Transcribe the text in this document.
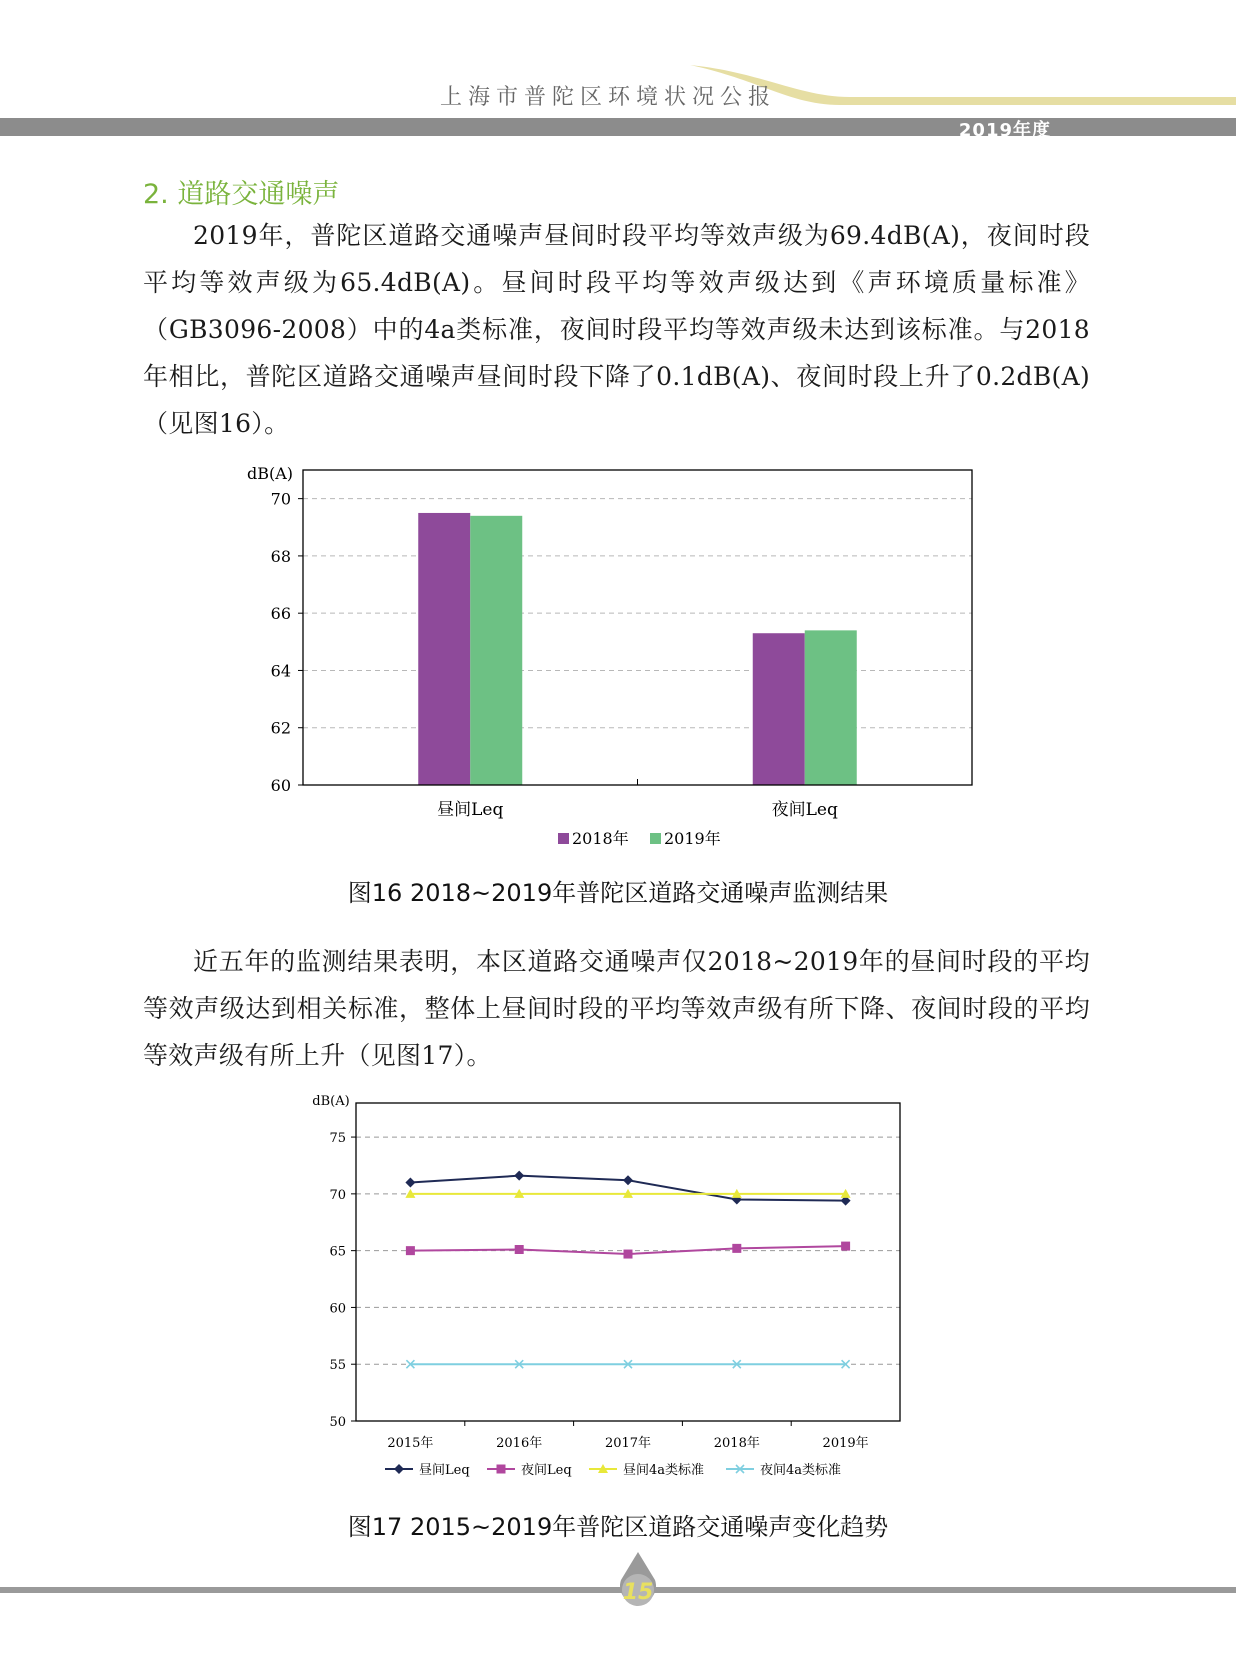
上海市普陀区环境状况公报
2019年度
2. 道路交通噪声

2019年，普陀区道路交通噪声昼间时段平均等效声级为69.4dB(A)，夜间时段平均等效声级为65.4dB(A)。昼间时段平均等效声级达到《声环境质量标准》（GB3096-2008）中的4a类标准，夜间时段平均等效声级未达到该标准。与2018年相比，普陀区道路交通噪声昼间时段下降了0.1dB(A)、夜间时段上升了0.2dB(A)（见图16）。

dB(A)
60
62
64
66
68
70
昼间Leq	夜间Leq
2018年 2019年
图16 2018~2019年普陀区道路交通噪声监测结果

近五年的监测结果表明，本区道路交通噪声仅2018~2019年的昼间时段的平均等效声级达到相关标准，整体上昼间时段的平均等效声级有所下降、夜间时段的平均等效声级有所上升（见图17）。

dB(A)
50
55
60
65
70
75
2015年	2016年	2017年	2018年	2019年
昼间Leq	夜间Leq	昼间4a类标准	夜间4a类标准
图17 2015~2019年普陀区道路交通噪声变化趋势
15
